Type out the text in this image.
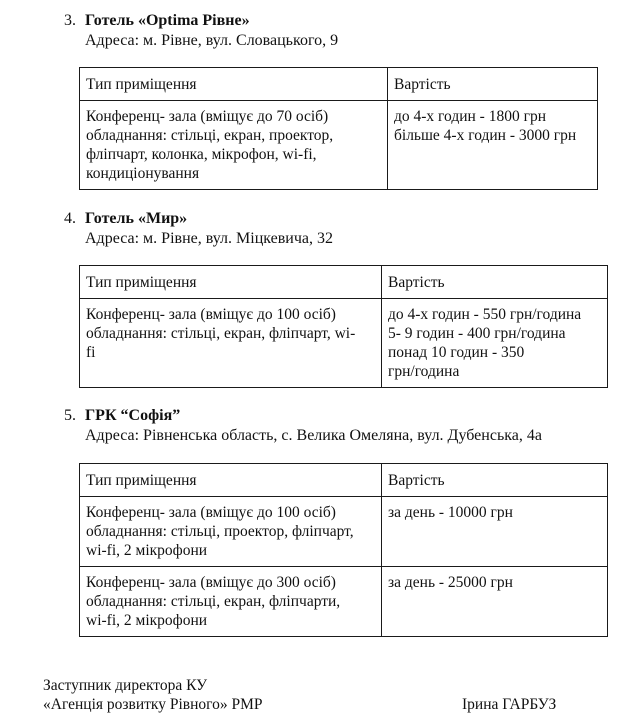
3. Готель «Optima Рівне»
Адреса: м. Рівне, вул. Словацького, 9
Тип приміщення	Вартість

Конференц- зала (вміщує до 70 осіб)
обладнання: стільці, екран, проектор,
фліпчарт, колонка, мікрофон, wi-fi,
кондиціонування	до 4-х годин - 1800 грн
більше 4-х годин - 3000 грн
4. Готель «Мир»
Адреса: м. Рівне, вул. Міцкевича, 32
Тип приміщення	Вартість

Конференц- зала (вміщує до 100 осіб)
обладнання: стільці, екран, фліпчарт, wi-
fi	до 4-х годин - 550 грн/година
5- 9 годин - 400 грн/година
понад 10 годин - 350
грн/година
5. ГРК “Софія”
Адреса: Рівненська область, с. Велика Омеляна, вул. Дубенська, 4а
Тип приміщення	Вартість

Конференц- зала (вміщує до 100 осіб)
обладнання: стільці, проектор, фліпчарт,
wi-fi, 2 мікрофони	за день - 10000 грн

Конференц- зала (вміщує до 300 осіб)
обладнання: стільці, екран, фліпчарти,
wi-fi, 2 мікрофони	за день - 25000 грн
Заступник директора КУ
«Агенція розвитку Рівного» РМР	Ірина ГАРБУЗ
